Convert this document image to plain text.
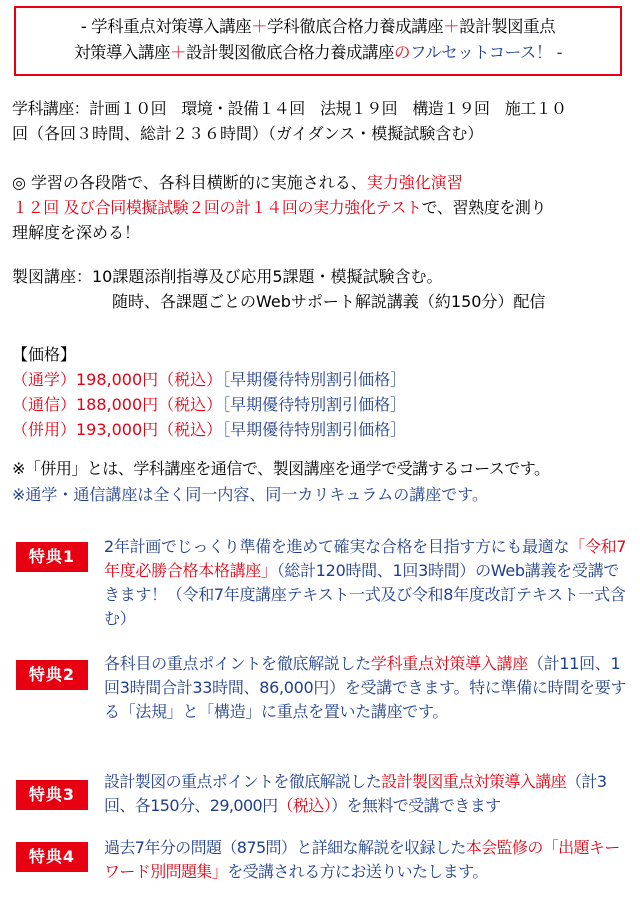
- 学科重点対策導入講座＋学科徹底合格力養成講座＋設計製図重点
対策導入講座＋設計製図徹底合格力養成講座のフルセットコース！ -
学科講座：計画１０回　環境・設備１４回　法規１９回　構造１９回　施工１０
回（各回３時間、総計２３６時間）（ガイダンス・模擬試験含む）
◎ 学習の各段階で、各科目横断的に実施される、実力強化演習
１２回 及び合同模擬試験２回の計１４回の実力強化テストで、習熟度を測り
理解度を深める！
製図講座：10課題添削指導及び応用5課題・模擬試験含む。
随時、各課題ごとのWebサポート解説講義（約150分）配信
【価格】
（通学）198,000円（税込）［早期優待特別割引価格］
（通信）188,000円（税込）［早期優待特別割引価格］
（併用）193,000円（税込）［早期優待特別割引価格］
※「併用」とは、学科講座を通信で、製図講座を通学で受講するコースです。
※通学・通信講座は全く同一内容、同一カリキュラムの講座です。
特典1
2年計画でじっくり準備を進めて確実な合格を目指す方にも最適な「令和7年度必勝合格本格講座」（総計120時間、1回3時間）のWeb講義を受講できます！（令和7年度講座テキスト一式及び令和8年度改訂テキスト一式含む）
特典2
各科目の重点ポイントを徹底解説した学科重点対策導入講座（計11回、1回3時間合計33時間、86,000円）を受講できます。特に準備に時間を要する「法規」と「構造」に重点を置いた講座です。
特典3
設計製図の重点ポイントを徹底解説した設計製図重点対策導入講座（計3回、各150分、29,000円（税込））を無料で受講できます
特典4	過去7年分の問題（875問）と詳細な解説を収録した本会監修の「出題キーワード別問題集」を受講される方にお送りいたします。
